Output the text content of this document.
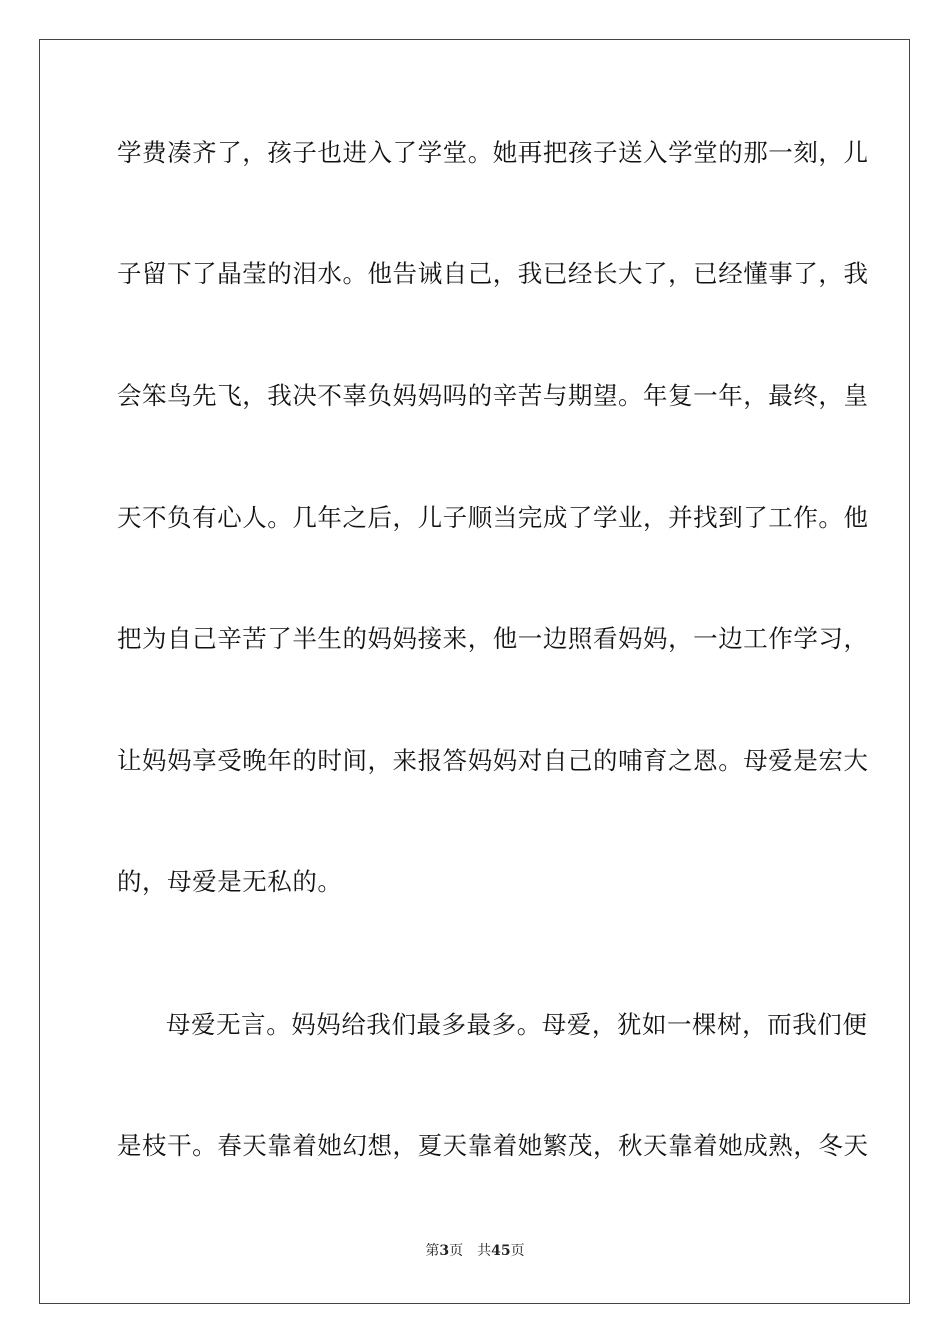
学费凑齐了，孩子也进入了学堂。她再把孩子送入学堂的那一刻，儿

子留下了晶莹的泪水。他告诫自己，我已经长大了，已经懂事了，我

会笨鸟先飞，我决不辜负妈妈吗的辛苦与期望。年复一年，最终，皇

天不负有心人。几年之后，儿子顺当完成了学业，并找到了工作。他

把为自己辛苦了半生的妈妈接来，他一边照看妈妈，一边工作学习，

让妈妈享受晚年的时间，来报答妈妈对自己的哺育之恩。母爱是宏大

的，母爱是无私的。

母爱无言。妈妈给我们最多最多。母爱，犹如一棵树，而我们便

是枝干。春天靠着她幻想，夏天靠着她繁茂，秋天靠着她成熟，冬天

第3页 共45页
